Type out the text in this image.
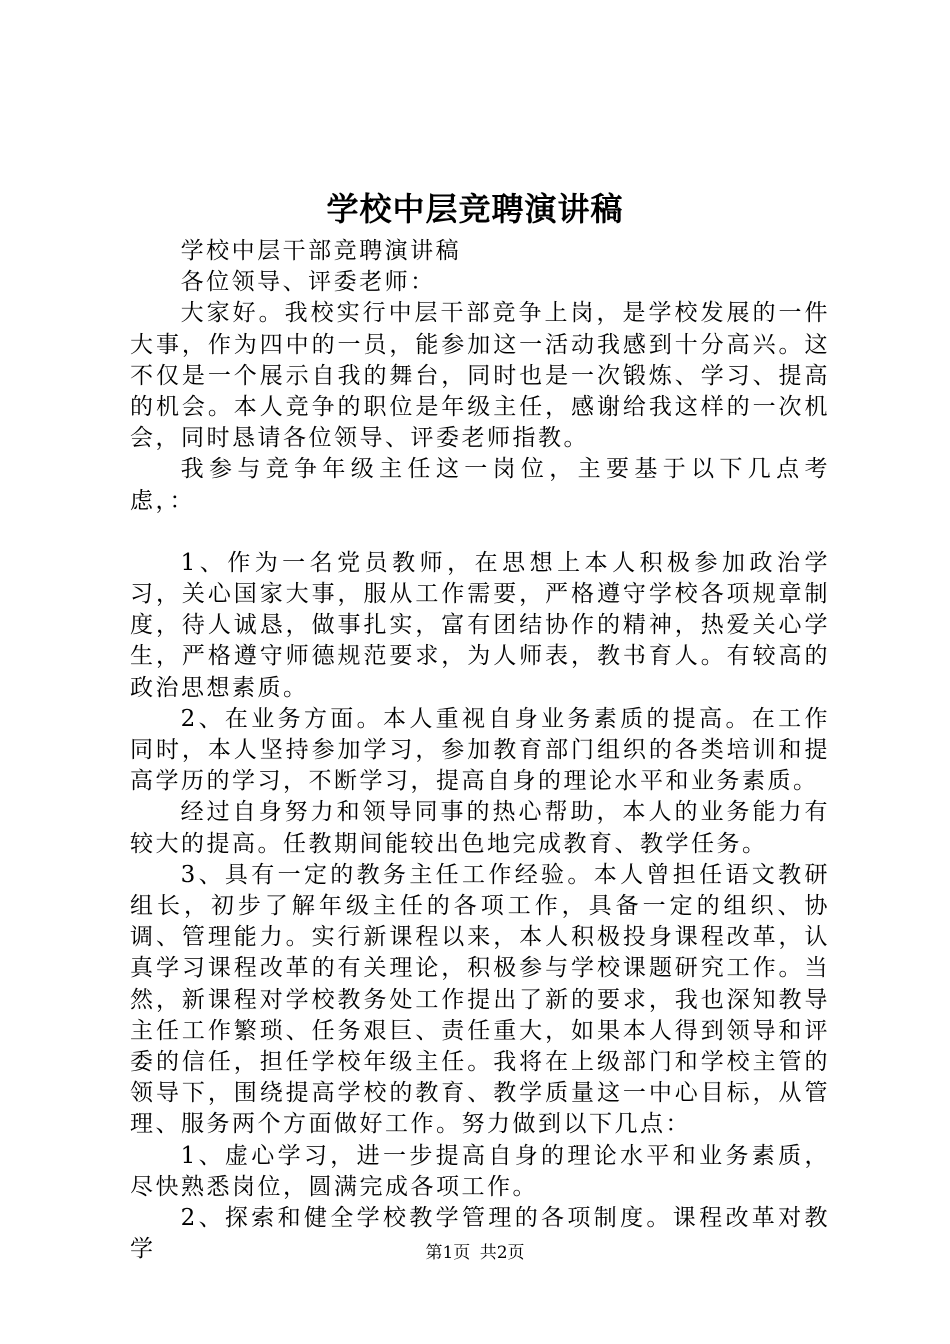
学校中层竞聘演讲稿

学校中层干部竞聘演讲稿

各位领导、评委老师：

大家好。我校实行中层干部竞争上岗，是学校发展的一件大事，作为四中的一员，能参加这一活动我感到十分高兴。这不仅是一个展示自我的舞台，同时也是一次锻炼、学习、提高的机会。本人竞争的职位是年级主任，感谢给我这样的一次机会，同时恳请各位领导、评委老师指教。

我参与竞争年级主任这一岗位，主要基于以下几点考虑，：

1、作为一名党员教师，在思想上本人积极参加政治学习，关心国家大事，服从工作需要，严格遵守学校各项规章制度，待人诚恳，做事扎实，富有团结协作的精神，热爱关心学生，严格遵守师德规范要求，为人师表，教书育人。有较高的政治思想素质。

2、在业务方面。本人重视自身业务素质的提高。在工作同时，本人坚持参加学习，参加教育部门组织的各类培训和提高学历的学习，不断学习，提高自身的理论水平和业务素质。

经过自身努力和领导同事的热心帮助，本人的业务能力有较大的提高。任教期间能较出色地完成教育、教学任务。

3、具有一定的教务主任工作经验。本人曾担任语文教研组长，初步了解年级主任的各项工作，具备一定的组织、协调、管理能力。实行新课程以来，本人积极投身课程改革，认真学习课程改革的有关理论，积极参与学校课题研究工作。当然，新课程对学校教务处工作提出了新的要求，我也深知教导主任工作繁琐、任务艰巨、责任重大，如果本人得到领导和评委的信任，担任学校年级主任。我将在上级部门和学校主管的领导下，围绕提高学校的教育、教学质量这一中心目标，从管理、服务两个方面做好工作。努力做到以下几点：

1、虚心学习，进一步提高自身的理论水平和业务素质，尽快熟悉岗位，圆满完成各项工作。

2、探索和健全学校教学管理的各项制度。课程改革对教学	第1页 共2页
